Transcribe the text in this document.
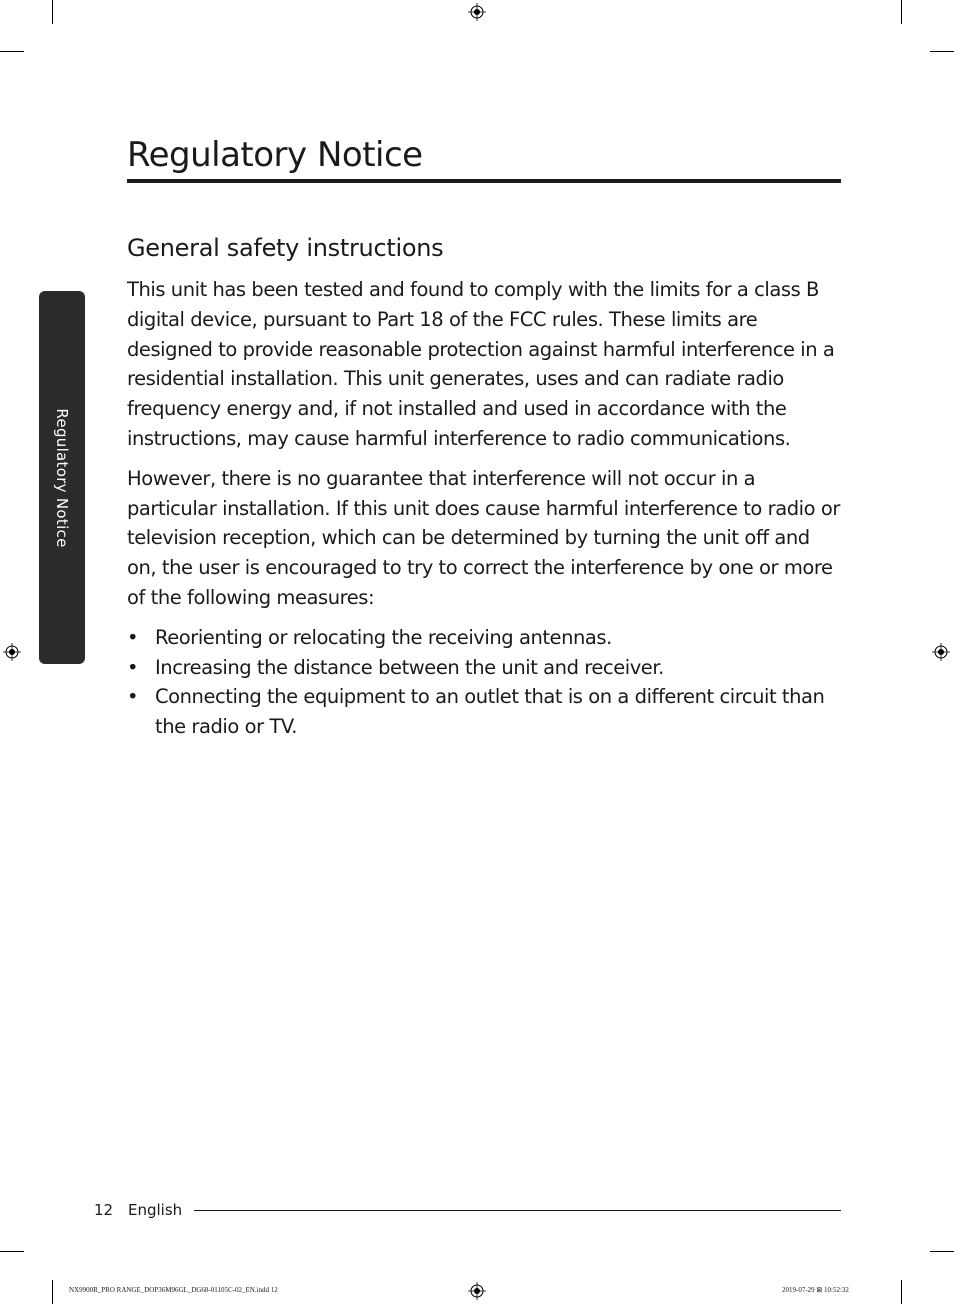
Regulatory Notice
Regulatory Notice
General safety instructions

This unit has been tested and found to comply with the limits for a class B digital device, pursuant to Part 18 of the FCC rules. These limits are designed to provide reasonable protection against harmful interference in a residential installation. This unit generates, uses and can radiate radio frequency energy and, if not installed and used in accordance with the instructions, may cause harmful interference to radio communications.

However, there is no guarantee that interference will not occur in a particular installation. If this unit does cause harmful interference to radio or television reception, which can be determined by turning the unit off and on, the user is encouraged to try to correct the interference by one or more of the following measures:

• Reorienting or relocating the receiving antennas.
• Increasing the distance between the unit and receiver.
• Connecting the equipment to an outlet that is on a different circuit than the radio or TV.
12 English
NX9900R_PRO RANGE_DOP36M96GL_DG68-01105C-02_EN.indd 12	2019-07-29 ⊠ 10:52:32
